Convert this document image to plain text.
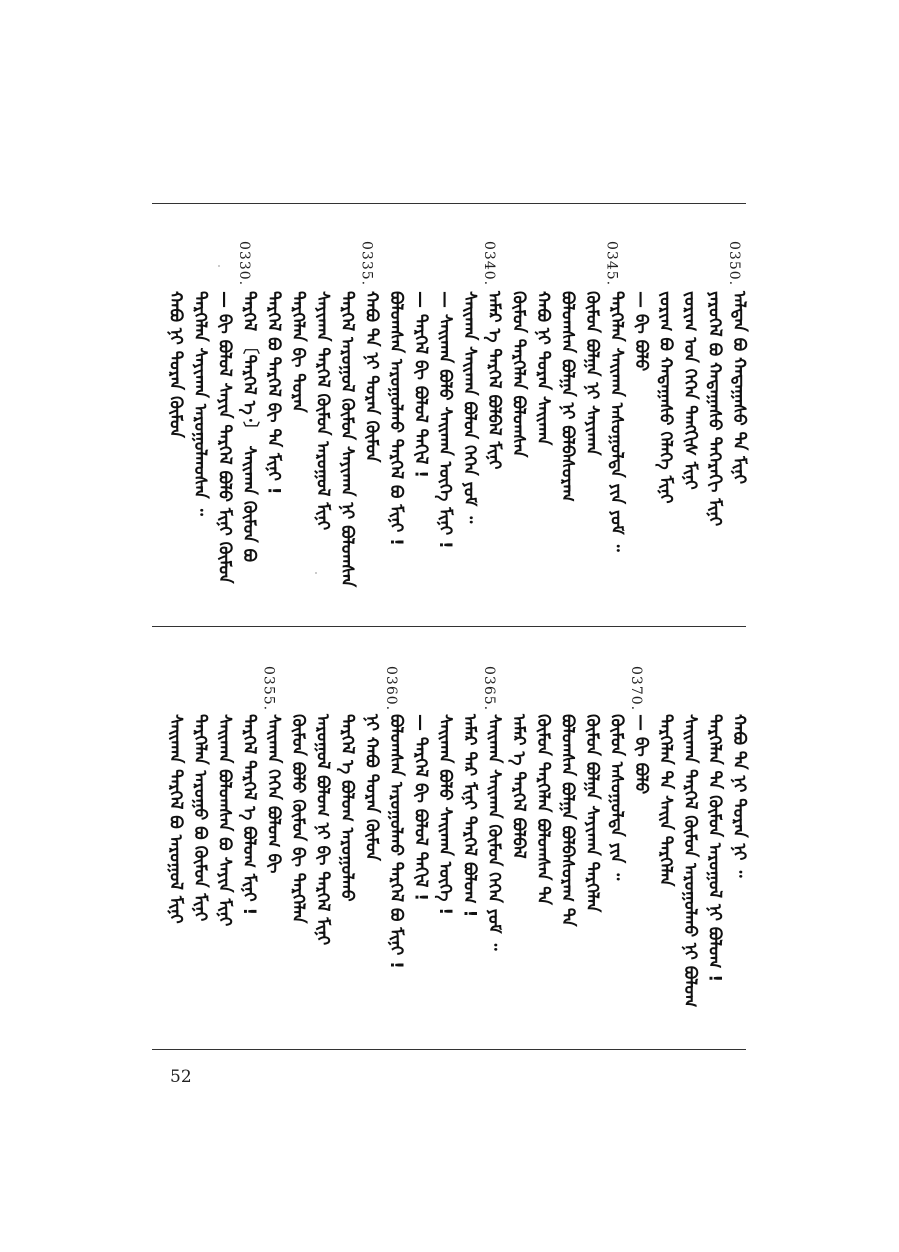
0350.
ᠠᠯᠲᠠᠨ ᠪᠣ ᠬᠠᠳᠠᠭᠠᠰᠤ ᠲᠠ ᠮᠢᠨᠢ
ᠶᠡᠷᠤᠭᠡᠯ ᠪᠣ ᠬᠠᠳᠠᠭᠠᠰᠤ ᠳᠡᠭᠡᠷᠡᠬᠢ ᠮᠢᠨᠢ
ᠵᠣᠷᠢᠭ ᠤᠨ ᠭᠡᠭᠡᠨ ᠲᠡᠩᠭᠢᠰ ᠮᠢᠨᠢ
ᠵᠣᠷᠢᠭ ᠪᠣ ᠬᠠᠳᠠᠭᠠᠰᠤ ᠬᠡᠯᠡᠭᠡ ᠮᠢᠨᠢ
— ᠪᠢ ᠪᠣᠯᠤ
0345.
ᠲᠡᠷᠭᠡᠯᠡᠨ ᠰᠠᠢᠬᠠᠨ ᠠᠰᠤᠭᠤᠯᠲᠠ ᠶᠢᠨ ᠶᠤᠮ ᠃
ᠬᠦᠮᠦᠨ ᠪᠣᠯᠭᠠ ᠨᠢ ᠰᠠᠶᠢᠬᠠᠨ
ᠪᠣᠯᠤᠭᠰᠠᠨ ᠪᠣᠯᠭᠠ ᠨᠢ ᠪᠣᠯᠪᠠᠰᠤᠷᠠᠭ
ᠬᠠᠪᠤ ᠨᠢ ᠳᠤᠷᠠᠨ ᠰᠠᠢᠬᠠᠨ
ᠬᠦᠮᠦᠨ ᠲᠡᠷᠭᠡᠯᠡᠨ ᠪᠣᠯᠤᠭᠰᠠᠨ
0340.
ᠠᠮᠠᠷ ᠡ ᠲᠡᠷᠭᠡᠯ ᠪᠣᠯᠪᠠᠯ ᠮᠢᠨᠢ
ᠰᠠᠢᠬᠠᠨ ᠰᠠᠢᠬᠠᠨ ᠪᠣᠯᠤᠨ ᠭᠡᠭᠡᠨ ᠶᠤᠮ ᠃
— ᠰᠠᠢᠬᠠᠨ ᠪᠣᠯᠤ ᠰᠠᠢᠬᠠᠨ ᠦᠭᠡ ᠮᠢᠨᠢ !
— ᠲᠡᠷᠭᠡᠯ ᠪᠢ ᠪᠣᠯᠤᠯ ᠲᠠᠬᠢᠯ !
ᠪᠣᠯᠤᠭᠰᠠᠨ ᠠᠷᠤᠭᠤᠯᠬᠤ ᠲᠡᠷᠭᠡᠯ ᠪᠣ ᠮᠢᠨᠢ !
0335.
ᠬᠠᠪᠤ ᠲᠠ ᠨᠢ ᠳᠤᠷᠠᠨ ᠬᠦᠮᠦᠨ
ᠲᠡᠷᠭᠡᠯ ᠠᠷᠤᠭᠤᠯ ᠬᠦᠮᠦᠨ ᠰᠠᠶᠢᠬᠠᠨ ᠨᠢ ᠪᠣᠯᠤᠭᠰᠠᠨ
ᠰᠠᠶᠢᠬᠠᠨ ᠲᠡᠷᠭᠡᠯ ᠬᠦᠮᠦᠨ ᠠᠷᠤᠭᠤᠯ ᠮᠢᠨᠢ
ᠲᠡᠷᠭᠡᠯᠡᠨ ᠪᠢ ᠳᠤᠷᠠᠨ
ᠲᠡᠷᠭᠡᠯ ᠪᠣ ᠲᠡᠷᠭᠡᠯ ᠪᠢ ᠲᠠ ᠮᠢᠨᠢ !
0330.
ᠲᠡᠷᠭᠡᠯ 〔ᠲᠡᠷᠭᠡᠯ ᠡ᠂〕 ᠰᠠᠢᠬᠠᠨ ᠬᠦᠮᠦᠨ ᠪᠣ
— ᠪᠢ ᠪᠣᠯᠤᠯ ᠰᠠᠶᠢᠨ ᠲᠡᠷᠭᠡᠯ ᠪᠣᠯᠤ ᠮᠢᠨᠢ ᠬᠦᠮᠦᠨ
ᠲᠡᠷᠭᠡᠯᠡᠨ ᠰᠠᠶᠢᠬᠠᠨ ᠠᠷᠤᠭᠤᠯᠬᠤᠰᠠᠨ ᠃
ᠬᠠᠪᠤ ᠨᠢ ᠳᠤᠷᠠᠨ ᠬᠦᠮᠦᠨ
ᠬᠠᠪᠤ ᠲᠠ ᠨᠢ ᠳᠤᠷᠠᠨ ᠨᠢ ᠃
ᠲᠡᠷᠭᠡᠯᠡᠨ ᠲᠠ ᠬᠦᠮᠦᠨ ᠠᠷᠤᠭᠤᠯ ᠨᠢ ᠪᠣᠯᠤᠭ !
ᠰᠠᠢᠬᠠᠨ ᠲᠡᠷᠭᠡᠯ ᠬᠦᠮᠦᠨ ᠠᠷᠤᠭᠤᠯᠬᠤ ᠨᠢ ᠪᠣᠯᠤᠭ
ᠲᠡᠷᠭᠡᠯᠡᠨ ᠲᠠ ᠰᠠᠢᠨ ᠲᠡᠷᠭᠡᠯᠡᠨ
0370.
— ᠪᠢ ᠪᠣᠯᠤ
ᠬᠦᠮᠦᠨ ᠠᠰᠤᠭᠤᠯᠲᠠ ᠶᠢᠨ ᠃
ᠬᠦᠮᠦᠨ ᠪᠣᠯᠭᠠ ᠰᠠᠶᠢᠬᠠᠨ ᠲᠡᠷᠭᠡᠯᠡᠨ
ᠪᠣᠯᠤᠭᠰᠠᠨ ᠪᠣᠯᠭᠠ ᠪᠣᠯᠪᠠᠰᠤᠷᠠᠭ ᠲᠠ
ᠬᠦᠮᠦᠨ ᠲᠡᠷᠭᠡᠯᠡᠨ ᠪᠣᠯᠤᠭᠰᠠᠨ ᠲᠠ
ᠠᠮᠠᠷ ᠡ ᠲᠡᠷᠭᠡᠯ ᠪᠣᠯᠪᠠᠯ
0365.
ᠰᠠᠢᠬᠠᠨ ᠰᠠᠢᠬᠠᠨ ᠬᠦᠮᠦᠨ ᠭᠡᠭᠡᠨ ᠶᠤᠮ ᠃
ᠠᠮᠠᠷ ᠲᠡᠷ ᠮᠢᠨᠢ ᠲᠡᠷᠭᠡᠯ ᠪᠣᠯᠤᠭ !
ᠰᠠᠢᠬᠠᠨ ᠪᠣᠯᠤ ᠰᠠᠢᠬᠠᠨ ᠦᠭᠡ !
— ᠲᠡᠷᠭᠡᠯ ᠪᠢ ᠪᠣᠯᠤᠯ ᠲᠠᠬᠢᠯ !
0360.
ᠪᠣᠯᠤᠭᠰᠠᠨ ᠠᠷᠤᠭᠤᠯᠬᠤ ᠲᠡᠷᠭᠡᠯ ᠪᠣ ᠮᠢᠨᠢ !
ᠨᠢ ᠬᠠᠪᠤ ᠳᠤᠷᠠᠨ ᠬᠦᠮᠦᠨ
ᠲᠡᠷᠭᠡᠯ ᠡ ᠪᠣᠯᠤᠭ ᠠᠷᠤᠭᠤᠯᠬᠤ
ᠠᠷᠤᠭᠤᠯ ᠪᠣᠯᠤᠭ ᠨᠢ ᠪᠢ ᠲᠡᠷᠭᠡᠯ ᠮᠢᠨᠢ
ᠬᠦᠮᠦᠨ ᠪᠣᠯᠤ ᠬᠦᠮᠦᠨ ᠪᠢ ᠲᠡᠷᠭᠡᠯᠡᠨ
0355.
ᠰᠠᠢᠬᠠᠨ ᠭᠡᠭᠡᠨ ᠪᠣᠯᠤᠭ ᠪᠢ
ᠲᠡᠷᠭᠡᠯ ᠲᠡᠷᠭᠡᠯ ᠡ ᠪᠣᠯᠤᠭ ᠮᠢᠨᠢ !
ᠰᠠᠢᠬᠠᠨ ᠪᠣᠯᠤᠭᠰᠠᠨ ᠪᠣ ᠰᠠᠶᠢᠨ ᠮᠢᠨᠢ
ᠲᠡᠷᠭᠡᠯᠡᠨ ᠠᠷᠤᠭᠤ ᠪᠣ ᠬᠦᠮᠦᠨ ᠮᠢᠨᠢ
ᠰᠠᠢᠬᠠᠨ ᠲᠡᠷᠭᠡᠯ ᠪᠣ ᠠᠷᠤᠭᠤᠯ ᠮᠢᠨᠢ
52
